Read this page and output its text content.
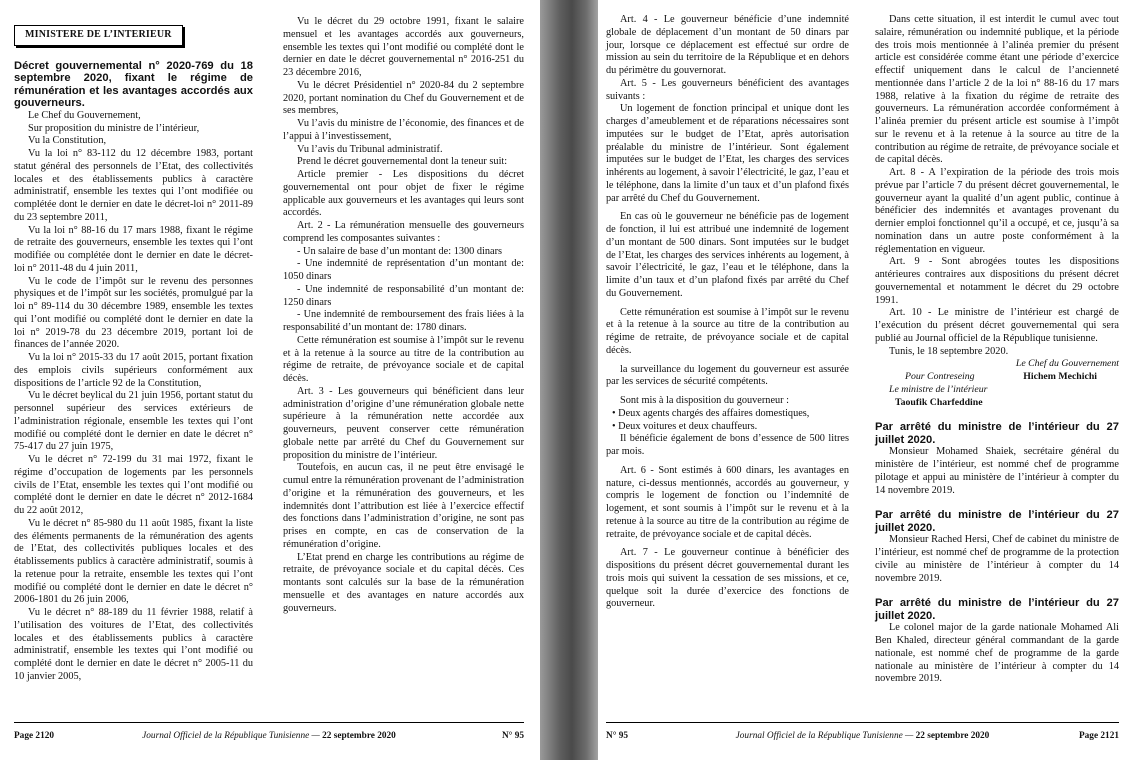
MINISTERE DE L’INTERIEUR

Décret gouvernemental n° 2020-769 du 18 septembre 2020, fixant le régime de rémunération et les avantages accordés aux gouverneurs.

Le Chef du Gouvernement,

Sur proposition du ministre de l’intérieur,

Vu la Constitution,

Vu la loi n° 83-112 du 12 décembre 1983, portant statut général des personnels de l’Etat, des collectivités locales et des établissements publics à caractère administratif, ensemble les textes qui l’ont modifiée ou complétée dont le dernier en date le décret-loi n° 2011-89 du 23 septembre 2011,

Vu la loi n° 88-16 du 17 mars 1988, fixant le régime de retraite des gouverneurs, ensemble les textes qui l’ont modifiée ou complétée dont le dernier en date le décret-loi n° 2011-48 du 4 juin 2011,

Vu le code de l’impôt sur le revenu des personnes physiques et de l’impôt sur les sociétés, promulgué par la loi n° 89-114 du 30 décembre 1989, ensemble les textes qui l’ont modifié ou complété dont le dernier en date la loi n° 2019-78 du 23 décembre 2019, portant loi de finances de l’année 2020.

Vu la loi n° 2015-33 du 17 août 2015, portant fixation des emplois civils supérieurs conformément aux dispositions de l’article 92 de la Constitution,

Vu le décret beylical du 21 juin 1956, portant statut du personnel supérieur des services extérieurs de l’administration régionale, ensemble les textes qui l’ont modifié ou complété dont le dernier en date le décret n° 75-417 du 27 juin 1975,

Vu le décret n° 72-199 du 31 mai 1972, fixant le régime d’occupation de logements par les personnels civils de l’Etat, ensemble les textes qui l’ont modifié ou complété dont le dernier en date le décret n° 2012-1684 du 22 août 2012,

Vu le décret n° 85-980 du 11 août 1985, fixant la liste des éléments permanents de la rémunération des agents de l’Etat, des collectivités publiques locales et des établissements publics à caractère administratif, soumis à la retenue pour la retraite, ensemble les textes qui l’ont modifié ou complété dont le dernier en date le décret n° 2006-1801 du 26 juin 2006,

Vu le décret n° 88-189 du 11 février 1988, relatif à l’utilisation des voitures de l’Etat, des collectivités locales et des établissements publics à caractère administratif, ensemble les textes qui l’ont modifié ou complété dont le dernier en date le décret n° 2005-11 du 10 janvier 2005,

Vu le décret du 29 octobre 1991, fixant le salaire mensuel et les avantages accordés aux gouverneurs, ensemble les textes qui l’ont modifié ou complété dont le dernier en date le décret gouvernemental n° 2016-251 du 23 décembre 2016,

Vu le décret Présidentiel n° 2020-84 du 2 septembre 2020, portant nomination du Chef du Gouvernement et de ses membres,

Vu l’avis du ministre de l’économie, des finances et de l’appui à l’investissement,

Vu l’avis du Tribunal administratif.

Prend le décret gouvernemental dont la teneur suit:

Article premier - Les dispositions du décret gouvernemental ont pour objet de fixer le régime applicable aux gouverneurs et les avantages qui leurs sont accordés.

Art. 2 - La rémunération mensuelle des gouverneurs comprend les composantes suivantes :

- Un salaire de base d’un montant de: 1300 dinars

- Une indemnité de représentation d’un montant de: 1050 dinars

- Une indemnité de responsabilité d’un montant de: 1250 dinars

- Une indemnité de remboursement des frais liées à la responsabilité d’un montant de: 1780 dinars.

Cette rémunération est soumise à l’impôt sur le revenu et à la retenue à la source au titre de la contribution au régime de retraite, de prévoyance sociale et de capital décès.

Art. 3 - Les gouverneurs qui bénéficient dans leur administration d’origine d’une rémunération globale nette supérieure à la rémunération nette accordée aux gouverneurs, peuvent conserver cette rémunération globale nette par arrêté du Chef du Gouvernement sur proposition du ministre de l’intérieur.

Toutefois, en aucun cas, il ne peut être envisagé le cumul entre la rémunération provenant de l’administration d’origine et la rémunération des gouverneurs, et les indemnités dont l’attribution est liée à l’exercice effectif des fonctions dans l’administration d’origine, ne sont pas prises en compte, en cas de conservation de la rémunération d’origine.

L’Etat prend en charge les contributions au régime de retraite, de prévoyance sociale et du capital décès. Ces montants sont calculés sur la base de la rémunération mensuelle et des avantages en nature accordés aux gouverneurs.

Page 2120	Journal Officiel de la République Tunisienne — 22 septembre 2020	N° 95

Art. 4 - Le gouverneur bénéficie d’une indemnité globale de déplacement d’un montant de 50 dinars par jour, lorsque ce déplacement est effectué sur ordre de mission au sein du territoire de la République et en dehors du périmètre du gouvernorat.

Art. 5 - Les gouverneurs bénéficient des avantages suivants :

Un logement de fonction principal et unique dont les charges d’ameublement et de réparations nécessaires sont imputées sur le budget de l’Etat, après autorisation préalable du ministre de l’intérieur. Sont également imputées sur le budget de l’Etat, les charges des services inhérents au logement, à savoir l’électricité, le gaz, l’eau et le téléphone, dans la limite d’un taux et d’un plafond fixés par arrêté du Chef du Gouvernement.

En cas où le gouverneur ne bénéficie pas de logement de fonction, il lui est attribué une indemnité de logement d’un montant de 500 dinars. Sont imputées sur le budget de l’Etat, les charges des services inhérents au logement, à savoir l’électricité, le gaz, l’eau et le téléphone, dans la limite d’un taux et d’un plafond fixés par arrêté du Chef du Gouvernement.

Cette rémunération est soumise à l’impôt sur le revenu et à la retenue à la source au titre de la contribution au régime de retraite, de prévoyance sociale et de capital décès.

la surveillance du logement du gouverneur est assurée par les services de sécurité compétents.

Sont mis à la disposition du gouverneur :

• Deux agents chargés des affaires domestiques,

• Deux voitures et deux chauffeurs.

Il bénéficie également de bons d’essence de 500 litres par mois.

Art. 6 - Sont estimés à 600 dinars, les avantages en nature, ci-dessus mentionnés, accordés au gouverneur, y compris le logement de fonction ou l’indemnité de logement, et sont soumis à l’impôt sur le revenu et à la retenue à la source au titre de la contribution au régime de retraite, de prévoyance sociale et de capital décès.

Art. 7 - Le gouverneur continue à bénéficier des dispositions du présent décret gouvernemental durant les trois mois qui suivent la cessation de ses missions, et ce, quelque soit la durée d’exercice des fonctions de gouverneur.

Dans cette situation, il est interdit le cumul avec tout salaire, rémunération ou indemnité publique, et la période des trois mois mentionnée à l’alinéa premier du présent article est considérée comme étant une période d’exercice effectif uniquement dans le calcul de l’ancienneté mentionnée dans l’article 2 de la loi n° 88-16 du 17 mars 1988, relative à la fixation du régime de retraite des gouverneurs. La rémunération accordée conformément à l’alinéa premier du présent article est soumise à l’impôt sur le revenu et à la retenue à la source au titre de la contribution au régime de retraite, de prévoyance sociale et de capital décès.

Art. 8 - A l’expiration de la période des trois mois prévue par l’article 7 du présent décret gouvernemental, le gouverneur ayant la qualité d’un agent public, continue à bénéficier des indemnités et avantages provenant du dernier emploi fonctionnel qu’il a occupé, et ce, jusqu’à sa nomination dans un autre poste conformément à la réglementation en vigueur.

Art. 9 - Sont abrogées toutes les dispositions antérieures contraires aux dispositions du présent décret gouvernemental et notamment le décret du 29 octobre 1991.

Art. 10 - Le ministre de l’intérieur est chargé de l’exécution du présent décret gouvernemental qui sera publié au Journal officiel de la République tunisienne.

Tunis, le 18 septembre 2020.

Le Chef du Gouvernement
Pour Contreseing	Hichem Mechichi
Le ministre de l’intérieur
Taoufik Charfeddine

Par arrêté du ministre de l’intérieur du 27 juillet 2020.

Monsieur Mohamed Shaiek, secrétaire général du ministère de l’intérieur, est nommé chef de programme pilotage et appui au ministère de l’intérieur à compter du 14 novembre 2019.

Par arrêté du ministre de l’intérieur du 27 juillet 2020.

Monsieur Rached Hersi, Chef de cabinet du ministre de l’intérieur, est nommé chef de programme de la protection civile au ministère de l’intérieur à compter du 14 novembre 2019.

Par arrêté du ministre de l’intérieur du 27 juillet 2020.

Le colonel major de la garde nationale Mohamed Ali Ben Khaled, directeur général commandant de la garde nationale, est nommé chef de programme de la garde nationale au ministère de l’intérieur à compter du 14 novembre 2019.

N° 95	Journal Officiel de la République Tunisienne — 22 septembre 2020	Page 2121
